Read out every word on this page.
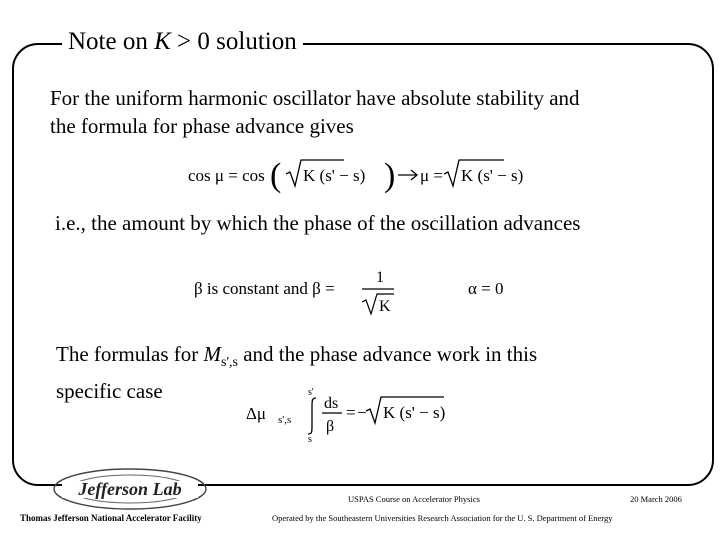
Note on K > 0 solution
For the uniform harmonic oscillator have absolute stability and
the formula for phase advance gives
cos μ = cos ( K (s' − s) ) μ = K (s' − s)
i.e., the amount by which the phase of the oscillation advances
β is constant and β =
1
K
α = 0
The formulas for $M_{s',s}$ and the phase advance work in this
specific case
Δμ s',s
s'
s
ds
β
= − K (s' − s)
Jefferson Lab
Thomas Jefferson National Accelerator Facility
USPAS Course on Accelerator Physics	20 March 2006
Operated by the Southeastern Universities Research Association for the U. S. Department of Energy
